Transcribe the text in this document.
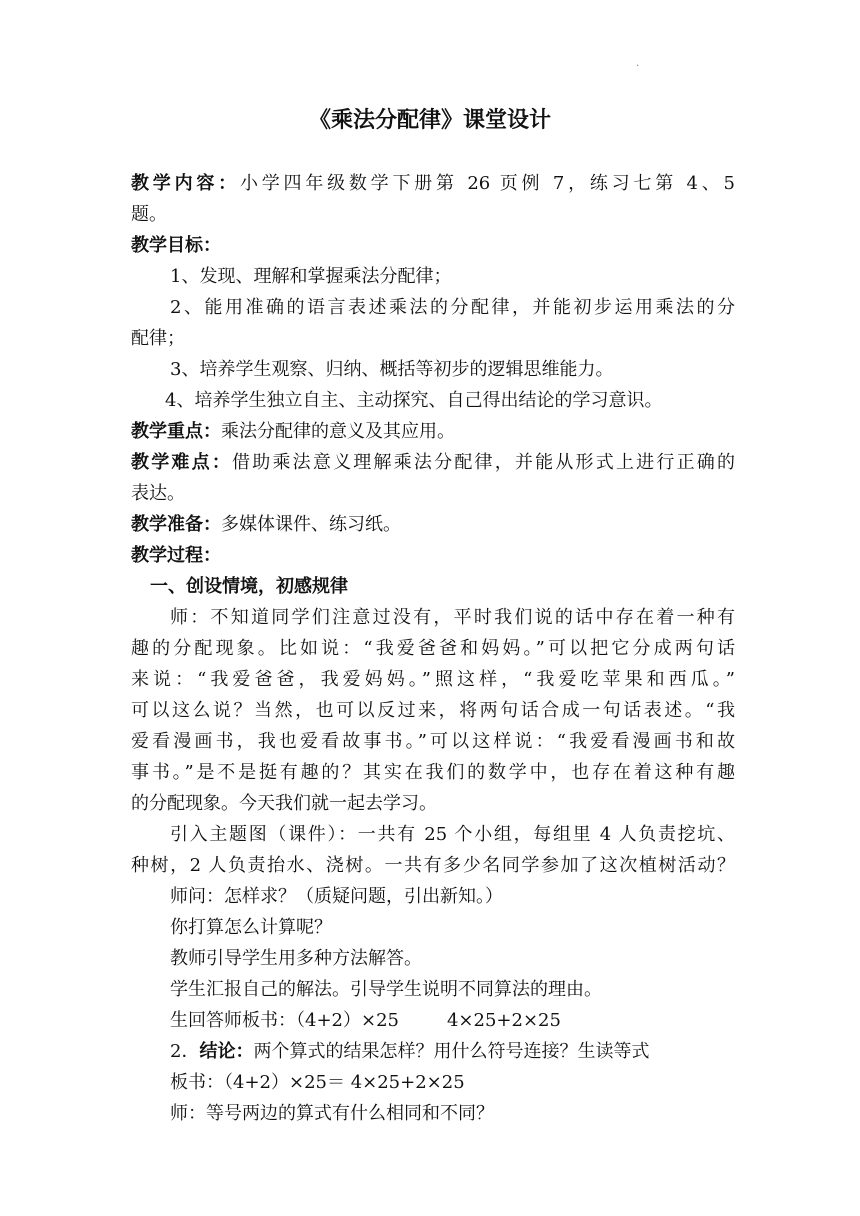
.
《乘法分配律》课堂设计
教学内容：小学四年级数学下册第 26 页例 7，练习七第 4、5
题。
教学目标：
1、发现、理解和掌握乘法分配律；
2、能用准确的语言表述乘法的分配律，并能初步运用乘法的分
配律；
3、培养学生观察、归纳、概括等初步的逻辑思维能力。
4、培养学生独立自主、主动探究、自己得出结论的学习意识。
教学重点：乘法分配律的意义及其应用。
教学难点：借助乘法意义理解乘法分配律，并能从形式上进行正确的
表达。
教学准备：多媒体课件、练习纸。
教学过程：
一、创设情境，初感规律
师：不知道同学们注意过没有，平时我们说的话中存在着一种有
趣的分配现象。比如说：“我爱爸爸和妈妈。”可以把它分成两句话
来说：“我爱爸爸，我爱妈妈。”照这样，“我爱吃苹果和西瓜。”
可以这么说？当然，也可以反过来，将两句话合成一句话表述。“我
爱看漫画书，我也爱看故事书。”可以这样说：“我爱看漫画书和故
事书。”是不是挺有趣的？其实在我们的数学中，也存在着这种有趣
的分配现象。今天我们就一起去学习。
引入主题图（课件）：一共有 25 个小组，每组里 4 人负责挖坑、
种树，2 人负责抬水、浇树。一共有多少名同学参加了这次植树活动？
师问：怎样求？（质疑问题，引出新知。）
你打算怎么计算呢？
教师引导学生用多种方法解答。
学生汇报自己的解法。引导学生说明不同算法的理由。
生回答师板书：（4+2）×25	4×25+2×25
2．结论：两个算式的结果怎样？用什么符号连接？生读等式
板书：（4+2）×25＝ 4×25+2×25
师：等号两边的算式有什么相同和不同？
